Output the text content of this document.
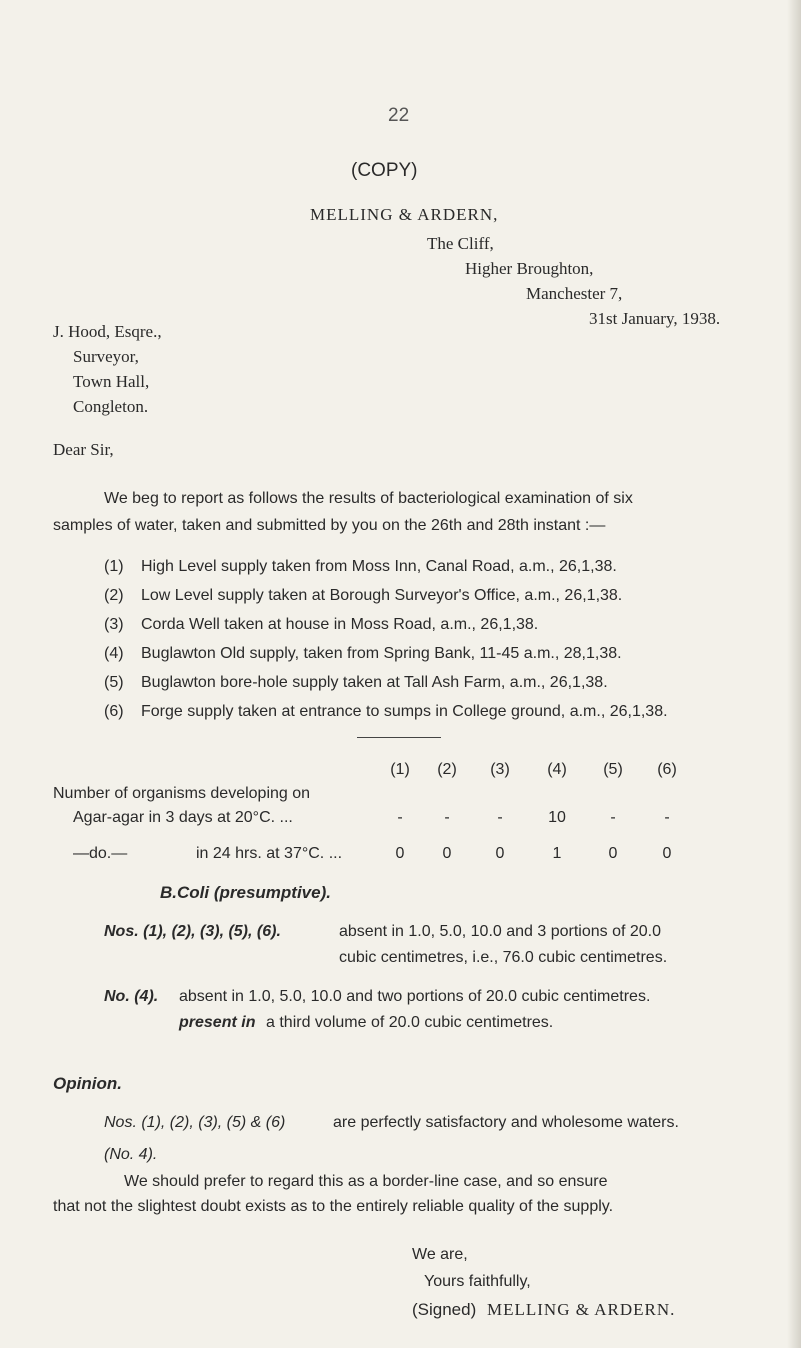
22
(COPY)
MELLING & ARDERN,
The Cliff,
Higher Broughton,
Manchester 7,
31st January, 1938.
J. Hood, Esqre.,
Surveyor,
Town Hall,
Congleton.
Dear Sir,
We beg to report as follows the results of bacteriological examination of six
samples of water, taken and submitted by you on the 26th and 28th instant :—
(1) High Level supply taken from Moss Inn, Canal Road, a.m., 26,1,38.
(2) Low Level supply taken at Borough Surveyor's Office, a.m., 26,1,38.
(3) Corda Well taken at house in Moss Road, a.m., 26,1,38.
(4) Buglawton Old supply, taken from Spring Bank, 11-45 a.m., 28,1,38.
(5) Buglawton bore-hole supply taken at Tall Ash Farm, a.m., 26,1,38.
(6) Forge supply taken at entrance to sumps in College ground, a.m., 26,1,38.
(1)	(2)	(3)	(4)	(5)	(6)
Number of organisms developing on
Agar-agar in 3 days at 20°C. ...	-	-	-	10	-	-
—do.—	in 24 hrs. at 37°C. ...	0	0	0	1	0	0
B.Coli (presumptive).
Nos. (1), (2), (3), (5), (6).	absent in 1.0, 5.0, 10.0 and 3 portions of 20.0
cubic centimetres, i.e., 76.0 cubic centimetres.
No. (4). absent in 1.0, 5.0, 10.0 and two portions of 20.0 cubic centimetres.
present in a third volume of 20.0 cubic centimetres.
Opinion.
Nos. (1), (2), (3), (5) & (6)	are perfectly satisfactory and wholesome waters.
(No. 4).
We should prefer to regard this as a border-line case, and so ensure
that not the slightest doubt exists as to the entirely reliable quality of the supply.
We are,
Yours faithfully,
(Signed) MELLING & ARDERN.
